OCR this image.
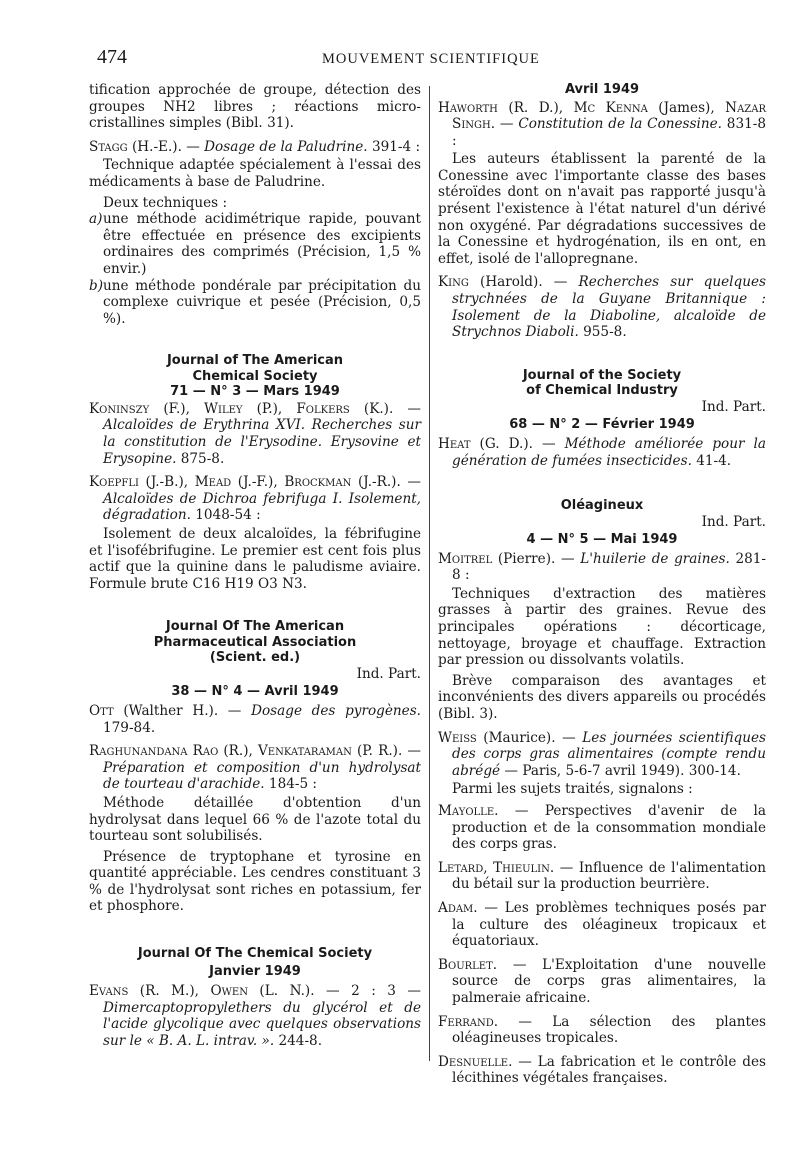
474	MOUVEMENT SCIENTIFIQUE

tification approchée de groupe, détection des groupes NH2 libres ; réactions micro-cristallines simples (Bibl. 31).

Stagg (H.-E.). — Dosage de la Paludrine. 391-4 :

Technique adaptée spécialement à l'essai des médicaments à base de Paludrine.

Deux techniques :

a) une méthode acidimétrique rapide, pouvant être effectuée en présence des excipients ordinaires des comprimés (Précision, 1,5 % envir.)
b) une méthode pondérale par précipitation du complexe cuivrique et pesée (Précision, 0,5 %).

Journal of The American

Chemical Society

71 — N° 3 — Mars 1949

Koninszy (F.), Wiley (P.), Folkers (K.). — Alcaloïdes de Erythrina XVI. Recherches sur la constitution de l'Erysodine. Erysovine et Erysopine. 875-8.

Koepfli (J.-B.), Mead (J.-F.), Brockman (J.-R.). — Alcaloïdes de Dichroa febrifuga I. Isolement, dégradation. 1048-54 :

Isolement de deux alcaloïdes, la fébrifugine et l'isofébrifugine. Le premier est cent fois plus actif que la quinine dans le paludisme aviaire. Formule brute C16 H19 O3 N3.

Journal Of The American

Pharmaceutical Association

(Scient. ed.)

Ind. Part.

38 — N° 4 — Avril 1949

Ott (Walther H.). — Dosage des pyrogènes. 179-84.

Raghunandana Rao (R.), Venkataraman (P. R.). — Préparation et composition d'un hydrolysat de tourteau d'arachide. 184-5 :

Méthode détaillée d'obtention d'un hydrolysat dans lequel 66 % de l'azote total du tourteau sont solubilisés.

Présence de tryptophane et tyrosine en quantité appréciable. Les cendres constituant 3 % de l'hydrolysat sont riches en potassium, fer et phosphore.

Journal Of The Chemical Society

Janvier 1949

Evans (R. M.), Owen (L. N.). — 2 : 3 — Dimercaptopropylethers du glycérol et de l'acide glycolique avec quelques observations sur le « B. A. L. intrav. ». 244-8.

Avril 1949

Haworth (R. D.), Mc Kenna (James), Nazar Singh. — Constitution de la Conessine. 831-8 :

Les auteurs établissent la parenté de la Conessine avec l'importante classe des bases stéroïdes dont on n'avait pas rapporté jusqu'à présent l'existence à l'état naturel d'un dérivé non oxygéné. Par dégradations successives de la Conessine et hydrogénation, ils en ont, en effet, isolé de l'allopregnane.

King (Harold). — Recherches sur quelques strychnées de la Guyane Britannique : Isolement de la Diaboline, alcaloïde de Strychnos Diaboli. 955-8.

Journal of the Society

of Chemical Industry

Ind. Part.

68 — N° 2 — Février 1949

Heat (G. D.). — Méthode améliorée pour la génération de fumées insecticides. 41-4.

Oléagineux

Ind. Part.

4 — N° 5 — Mai 1949

Moitrel (Pierre). — L'huilerie de graines. 281-8 :

Techniques d'extraction des matières grasses à partir des graines. Revue des principales opérations : décorticage, nettoyage, broyage et chauffage. Extraction par pression ou dissolvants volatils.

Brève comparaison des avantages et inconvénients des divers appareils ou procédés (Bibl. 3).

Weiss (Maurice). — Les journées scientifiques des corps gras alimentaires (compte rendu abrégé — Paris, 5-6-7 avril 1949). 300-14.

Parmi les sujets traités, signalons :

Mayolle. — Perspectives d'avenir de la production et de la consommation mondiale des corps gras.

Letard, Thieulin. — Influence de l'alimentation du bétail sur la production beurrière.

Adam. — Les problèmes techniques posés par la culture des oléagineux tropicaux et équatoriaux.

Bourlet. — L'Exploitation d'une nouvelle source de corps gras alimentaires, la palmeraie africaine.

Ferrand. — La sélection des plantes oléagineuses tropicales.

Desnuelle. — La fabrication et le contrôle des lécithines végétales françaises.
